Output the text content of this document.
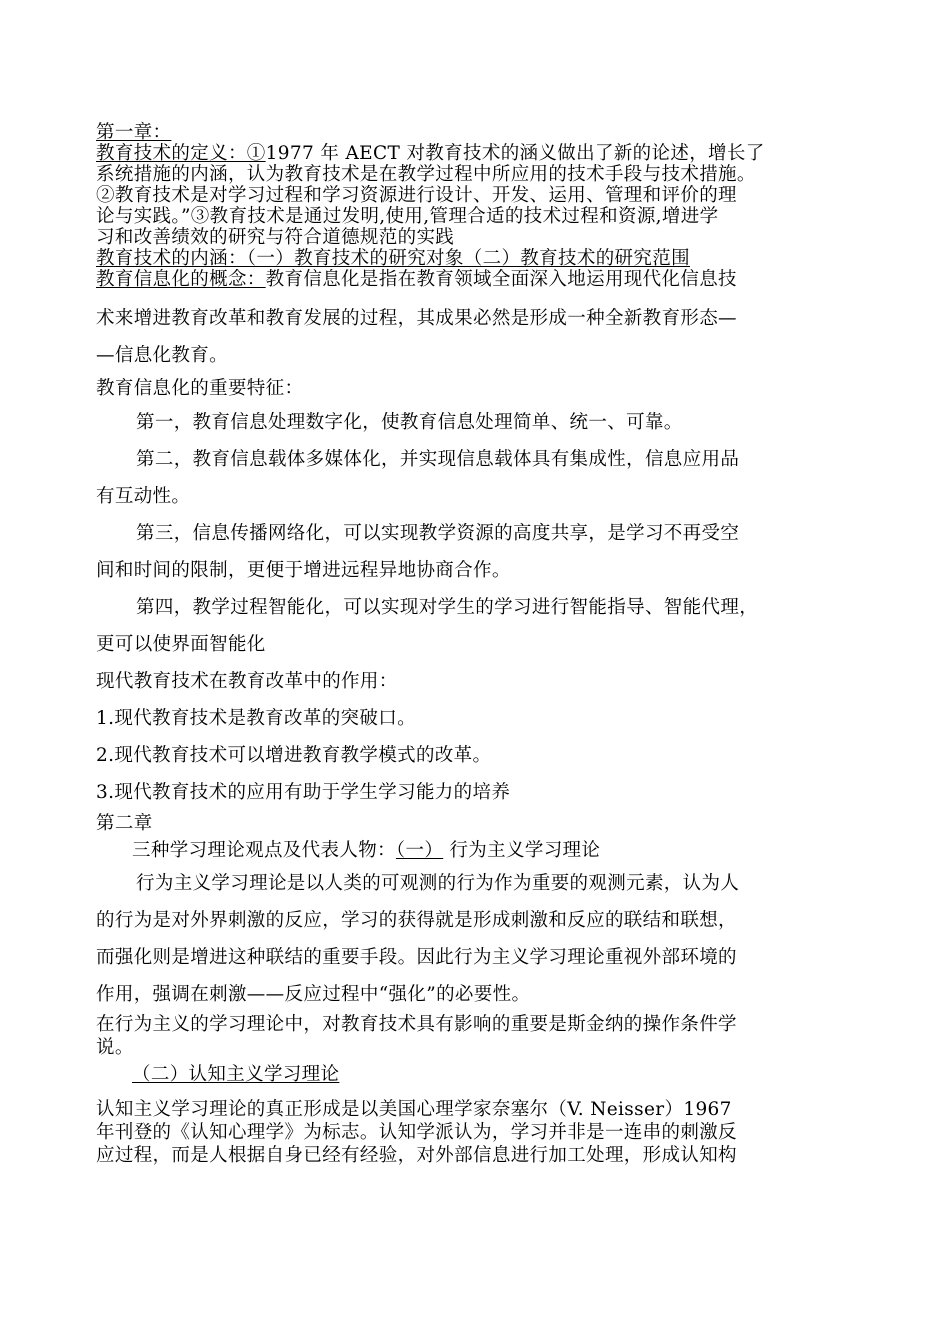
第一章：
教育技术的定义：①1977 年 AECT 对教育技术的涵义做出了新的论述，增长了
系统措施的内涵，认为教育技术是在教学过程中所应用的技术手段与技术措施。
②教育技术是对学习过程和学习资源进行设计、开发、运用、管理和评价的理
论与实践。”③教育技术是通过发明,使用,管理合适的技术过程和资源,增进学
习和改善绩效的研究与符合道德规范的实践
教育技术的内涵：（一）教育技术的研究对象（二）教育技术的研究范围
教育信息化的概念：教育信息化是指在教育领域全面深入地运用现代化信息技
术来增进教育改革和教育发展的过程，其成果必然是形成一种全新教育形态—
—信息化教育。
教育信息化的重要特征：
第一，教育信息处理数字化，使教育信息处理简单、统一、可靠。
第二，教育信息载体多媒体化，并实现信息载体具有集成性，信息应用品
有互动性。
第三，信息传播网络化，可以实现教学资源的高度共享，是学习不再受空
间和时间的限制，更便于增进远程异地协商合作。
第四，教学过程智能化，可以实现对学生的学习进行智能指导、智能代理，
更可以使界面智能化
现代教育技术在教育改革中的作用：
1.现代教育技术是教育改革的突破口。
2.现代教育技术可以增进教育教学模式的改革。
3.现代教育技术的应用有助于学生学习能力的培养
第二章
三种学习理论观点及代表人物：（一） 行为主义学习理论
行为主义学习理论是以人类的可观测的行为作为重要的观测元素，认为人
的行为是对外界刺激的反应，学习的获得就是形成刺激和反应的联结和联想，
而强化则是增进这种联结的重要手段。因此行为主义学习理论重视外部环境的
作用，强调在刺激——反应过程中“强化”的必要性。
在行为主义的学习理论中，对教育技术具有影响的重要是斯金纳的操作条件学
说。
（二）认知主义学习理论
认知主义学习理论的真正形成是以美国心理学家奈塞尔（V. Neisser）1967
年刊登的《认知心理学》为标志。认知学派认为，学习并非是一连串的刺激反
应过程，而是人根据自身已经有经验，对外部信息进行加工处理，形成认知构
